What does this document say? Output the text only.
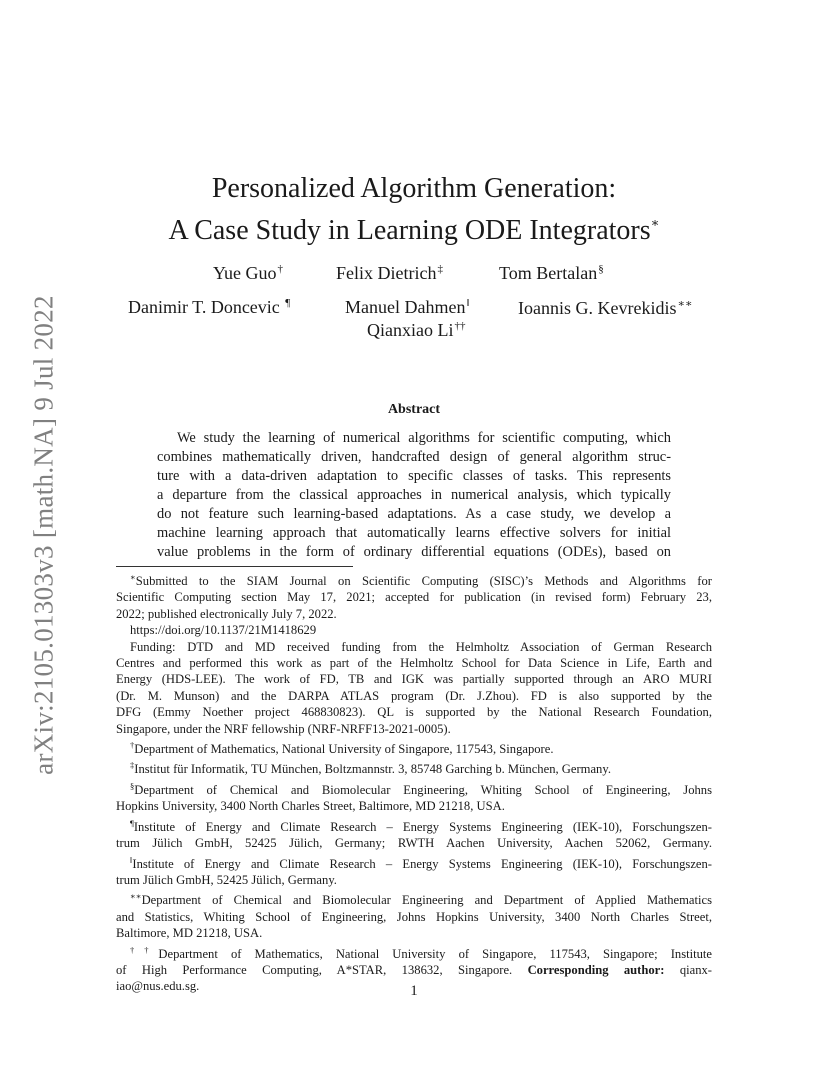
arXiv:2105.01303v3 [math.NA] 9 Jul 2022
Personalized Algorithm Generation:
A Case Study in Learning ODE Integrators∗
Yue Guo†	Felix Dietrich‡	Tom Bertalan§
Danimir T. Doncevic ¶	Manuel Dahmen‖	Ioannis G. Kevrekidis∗∗
Qianxiao Li††
Abstract
We study the learning of numerical algorithms for scientific computing, which
combines mathematically driven, handcrafted design of general algorithm struc-
ture with a data-driven adaptation to specific classes of tasks. This represents
a departure from the classical approaches in numerical analysis, which typically
do not feature such learning-based adaptations. As a case study, we develop a
machine learning approach that automatically learns effective solvers for initial
value problems in the form of ordinary differential equations (ODEs), based on
∗Submitted to the SIAM Journal on Scientific Computing (SISC)’s Methods and Algorithms for
Scientific Computing section May 17, 2021; accepted for publication (in revised form) February 23,
2022; published electronically July 7, 2022.
https://doi.org/10.1137/21M1418629
Funding: DTD and MD received funding from the Helmholtz Association of German Research
Centres and performed this work as part of the Helmholtz School for Data Science in Life, Earth and
Energy (HDS-LEE). The work of FD, TB and IGK was partially supported through an ARO MURI
(Dr. M. Munson) and the DARPA ATLAS program (Dr. J.Zhou). FD is also supported by the
DFG (Emmy Noether project 468830823). QL is supported by the National Research Foundation,
Singapore, under the NRF fellowship (NRF-NRFF13-2021-0005).
†Department of Mathematics, National University of Singapore, 117543, Singapore.
‡Institut für Informatik, TU München, Boltzmannstr. 3, 85748 Garching b. München, Germany.
§Department of Chemical and Biomolecular Engineering, Whiting School of Engineering, Johns
Hopkins University, 3400 North Charles Street, Baltimore, MD 21218, USA.
¶Institute of Energy and Climate Research – Energy Systems Engineering (IEK-10), Forschungszen-
trum Jülich GmbH, 52425 Jülich, Germany; RWTH Aachen University, Aachen 52062, Germany.
‖Institute of Energy and Climate Research – Energy Systems Engineering (IEK-10), Forschungszen-
trum Jülich GmbH, 52425 Jülich, Germany.
∗∗Department of Chemical and Biomolecular Engineering and Department of Applied Mathematics
and Statistics, Whiting School of Engineering, Johns Hopkins University, 3400 North Charles Street,
Baltimore, MD 21218, USA.
††Department of Mathematics, National University of Singapore, 117543, Singapore; Institute
of High Performance Computing, A*STAR, 138632, Singapore. Corresponding author: qianx-
iao@nus.edu.sg.	1
